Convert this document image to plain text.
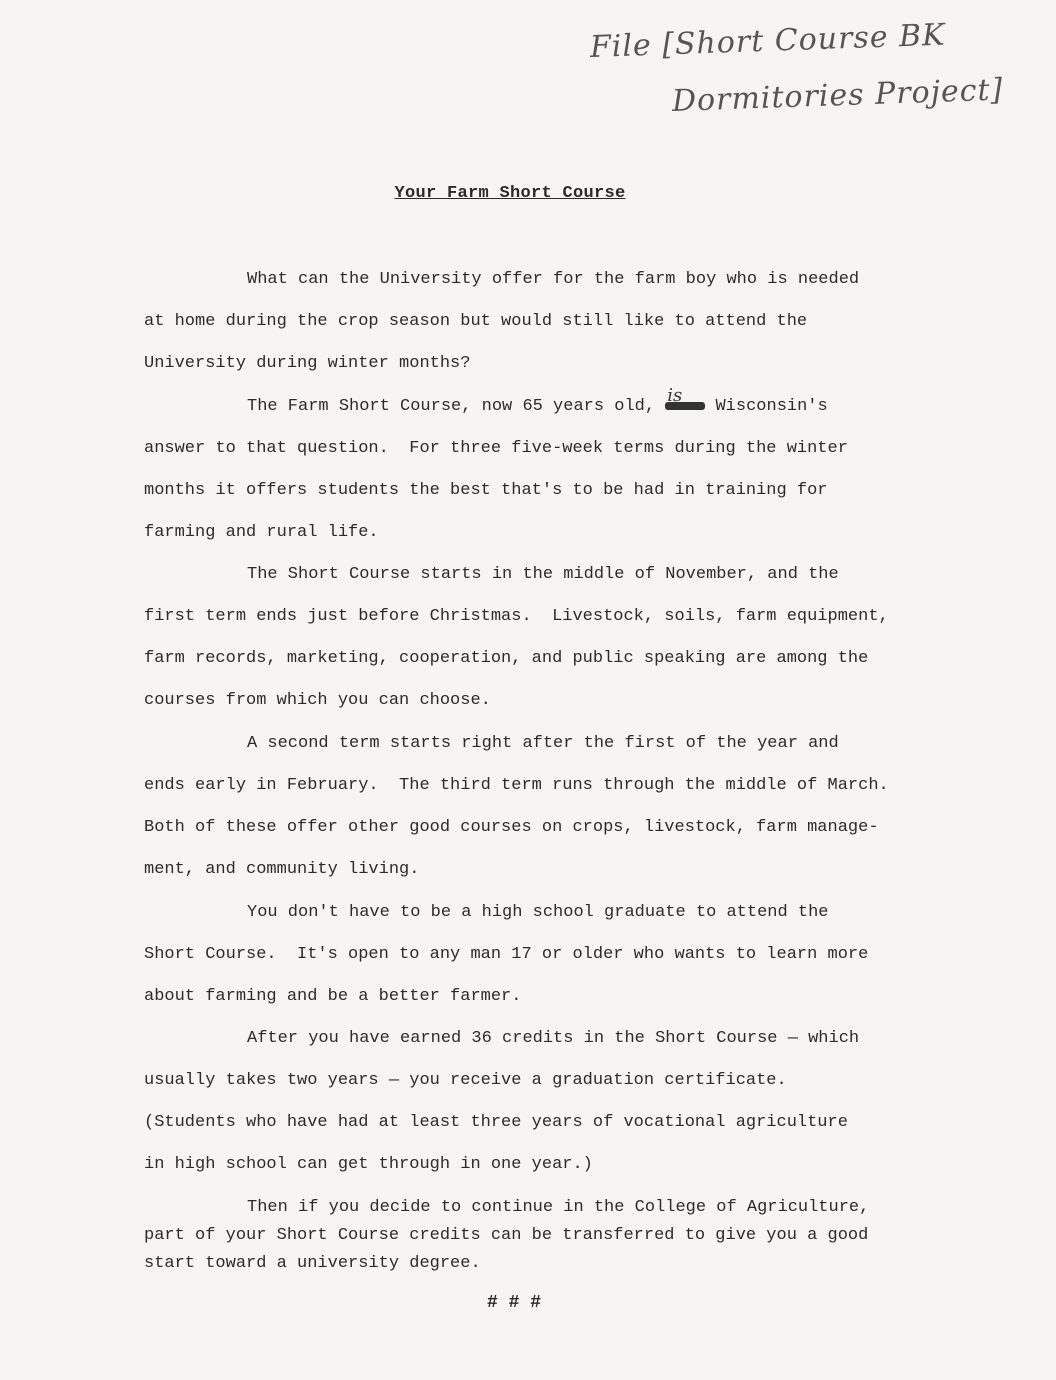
File [Short Course BK
Dormitories Project]
Your Farm Short Course
What can the University offer for the farm boy who is needed
at home during the crop season but would still like to attend the
University during winter months?
The Farm Short Course, now 65 years old,
is
Wisconsin's
answer to that question.  For three five-week terms during the winter
months it offers students the best that's to be had in training for
farming and rural life.
The Short Course starts in the middle of November, and the
first term ends just before Christmas.  Livestock, soils, farm equipment,
farm records, marketing, cooperation, and public speaking are among the
courses from which you can choose.
A second term starts right after the first of the year and
ends early in February.  The third term runs through the middle of March.
Both of these offer other good courses on crops, livestock, farm manage-
ment, and community living.
You don't have to be a high school graduate to attend the
Short Course.  It's open to any man 17 or older who wants to learn more
about farming and be a better farmer.
After you have earned 36 credits in the Short Course — which
usually takes two years — you receive a graduation certificate.
(Students who have had at least three years of vocational agriculture
in high school can get through in one year.)
Then if you decide to continue in the College of Agriculture,
part of your Short Course credits can be transferred to give you a good
start toward a university degree.
# # #
